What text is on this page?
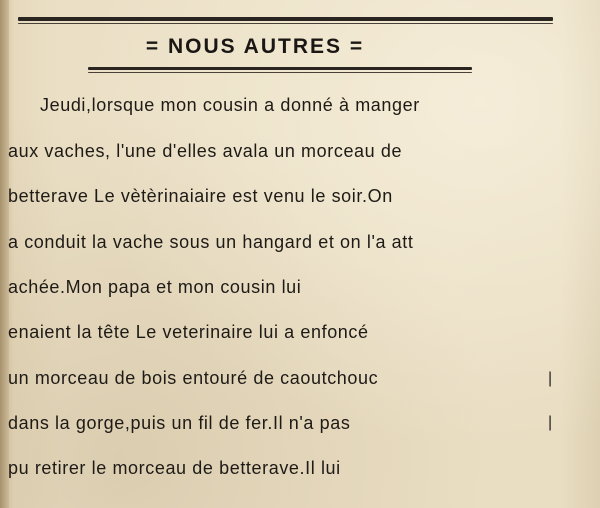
= NOUS AUTRES =
Jeudi,lorsque mon cousin a donné à manger
aux vaches, l'une d'elles avala un morceau de
betterave Le vètèrinaiaire est venu le soir.On
a conduit la vache sous un hangard et on l'a att
achée.Mon papa et mon cousin lui
enaient la tête Le veterinaire lui a enfoncé
un morceau de bois entouré de caoutchouc
dans la gorge,puis un fil de fer.Il n'a pas
pu retirer le morceau de betterave.Il lui
|
|
